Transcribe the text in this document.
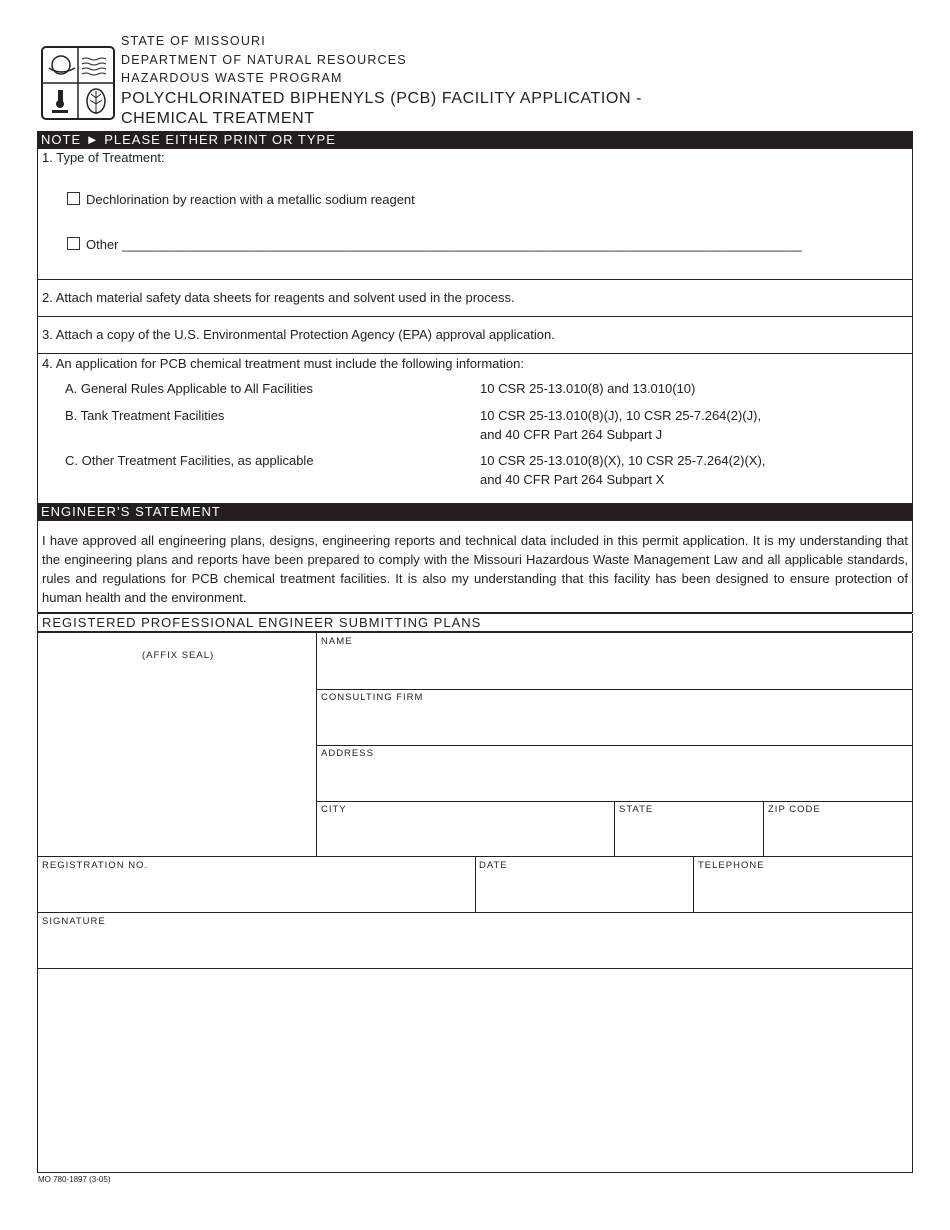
STATE OF MISSOURI
DEPARTMENT OF NATURAL RESOURCES
HAZARDOUS WASTE PROGRAM
POLYCHLORINATED BIPHENYLS (PCB) FACILITY APPLICATION -
CHEMICAL TREATMENT
NOTE ► PLEASE EITHER PRINT OR TYPE
1. Type of Treatment:
Dechlorination by reaction with a metallic sodium reagent
Other ______________________________________________________________________________________________
2. Attach material safety data sheets for reagents and solvent used in the process.
3. Attach a copy of the U.S. Environmental Protection Agency (EPA) approval application.
4. An application for PCB chemical treatment must include the following information:
A. General Rules Applicable to All Facilities	10 CSR 25-13.010(8) and 13.010(10)
B. Tank Treatment Facilities	10 CSR 25-13.010(8)(J), 10 CSR 25-7.264(2)(J),
and 40 CFR Part 264 Subpart J
C. Other Treatment Facilities, as applicable	10 CSR 25-13.010(8)(X), 10 CSR 25-7.264(2)(X),
and 40 CFR Part 264 Subpart X
ENGINEER’S STATEMENT
I have approved all engineering plans, designs, engineering reports and technical data included in this permit application. It is my understanding that the engineering plans and reports have been prepared to comply with the Missouri Hazardous Waste Management Law and all applicable standards, rules and regulations for PCB chemical treatment facilities. It is also my understanding that this facility has been designed to ensure protection of human health and the environment.
REGISTERED PROFESSIONAL ENGINEER SUBMITTING PLANS
(AFFIX SEAL)
NAME
CONSULTING FIRM
ADDRESS
CITY	STATE	ZIP CODE
REGISTRATION NO.	DATE	TELEPHONE
SIGNATURE
MO 780-1897 (3-05)
